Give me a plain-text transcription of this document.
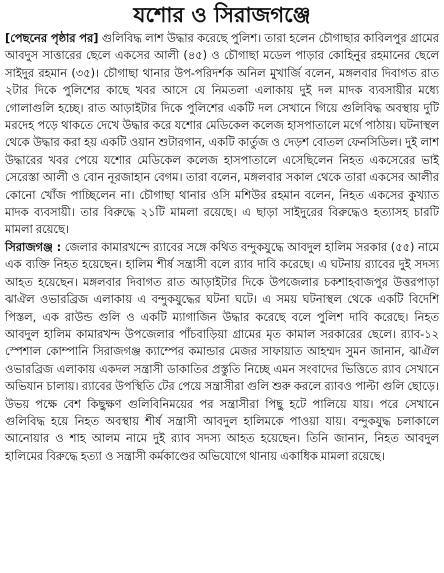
যশোর ও সিরাজগঞ্জে

[পেছনের পৃষ্ঠার পর] গুলিবিদ্ধ লাশ উদ্ধার করেছে পুলিশ। তারা হলেন চৌগাছার কাবিলপুর গ্রামের আবদুস সাত্তারের ছেলে একসের আলী (৪৫) ও চৌগাছা মডেল পাড়ার কোহিনুর রহমানের ছেলে সাইদুর রহমান (৩৫)। চৌগাছা থানার উপ-পরিদর্শক অনিল মুখার্জি বলেন, মঙ্গলবার দিবাগত রাত ২টার দিকে পুলিশের কাছে খবর আসে যে নিমতলা এলাকায় দুই দল মাদক ব্যবসায়ীর মধ্যে গোলাগুলি হচ্ছে। রাত আড়াইটার দিকে পুলিশের একটি দল সেখানে গিয়ে গুলিবিদ্ধ অবস্থায় দুটি মরদেহ পড়ে থাকতে দেখে উদ্ধার করে যশোর মেডিকেল কলেজ হাসপাতালে মর্গে পাঠায়। ঘটনাস্থল থেকে উদ্ধার করা হয় একটি ওয়ান শুটারগান, একটি কার্তুজ ও দেড়শ বোতল ফেনসিডিল। দুই লাশ উদ্ধারের খবর পেয়ে যশোর মেডিকেল কলেজ হাসপাতালে এসেছিলেন নিহত একসেরের ভাই সেরেস্তা আলী ও বোন নূরজাহান বেগম। তারা বলেন, মঙ্গলবার সকাল থেকে তারা একসের আলীর কোনো খোঁজ পাচ্ছিলেন না। চৌগাছা থানার ওসি মশিউর রহমান বলেন, নিহত একসের কুখ্যাত মাদক ব্যবসায়ী। তার বিরুদ্ধে ২১টি মামলা রয়েছে। এ ছাড়া সাইদুরের বিরুদ্ধেও হত্যাসহ চারটি মামলা রয়েছে।

সিরাজগঞ্জ : জেলার কামারখন্দে র‍্যাবের সঙ্গে কথিত বন্দুকযুদ্ধে আবদুল হালিম সরকার (৫৫) নামে এক ব্যক্তি নিহত হয়েছেন। হালিম শীর্ষ সন্ত্রাসী বলে র‍্যাব দাবি করেছে। এ ঘটনায় র‍্যাবের দুই সদস্য আহত হয়েছেন। মঙ্গলবার দিবাগত রাত আড়াইটার দিকে উপজেলার চকশাহবাজপুর উত্তরপাড়া ঝাঐল ওভারব্রিজ এলাকায় এ বন্দুকযুদ্ধের ঘটনা ঘটে। এ সময় ঘটনাস্থল থেকে একটি বিদেশি পিস্তল, এক রাউন্ড গুলি ও একটি ম্যাগাজিন উদ্ধার করেছে বলে পুলিশ দাবি করেছে। নিহত আবদুল হালিম কামারখন্দ উপজেলার পাঁচবাড়িয়া গ্রামের মৃত কামাল সরকারের ছেলে। র‍্যাব-১২ স্পেশাল কোম্পানি সিরাজগঞ্জ ক্যাম্পের কমান্ডার মেজর সাফায়াত আহম্মদ সুমন জানান, ঝাঐল ওভারব্রিজ এলাকায় একদল সন্ত্রাসী ডাকাতির প্রস্তুতি নিচ্ছে এমন সংবাদের ভিত্তিতে র‍্যাব সেখানে অভিযান চালায়। র‍্যাবের উপস্থিতি টের পেয়ে সন্ত্রাসীরা গুলি শুরু করলে র‍্যাবও পাল্টা গুলি ছোড়ে। উভয় পক্ষে বেশ কিছুক্ষণ গুলিবিনিময়ের পর সন্ত্রাসীরা পিছু হটে পালিয়ে যায়। পরে সেখানে গুলিবিদ্ধ হয়ে নিহত অবস্থায় শীর্ষ সন্ত্রাসী আবদুল হালিমকে পাওয়া যায়। বন্দুকযুদ্ধ চলাকালে আনোয়ার ও শাহ আলম নামে দুই র‍্যাব সদস্য আহত হয়েছেন। তিনি জানান, নিহত আবদুল হালিমের বিরুদ্ধে হত্যা ও সন্ত্রাসী কর্মকাণ্ডের অভিযোগে থানায় একাধিক মামলা রয়েছে।
